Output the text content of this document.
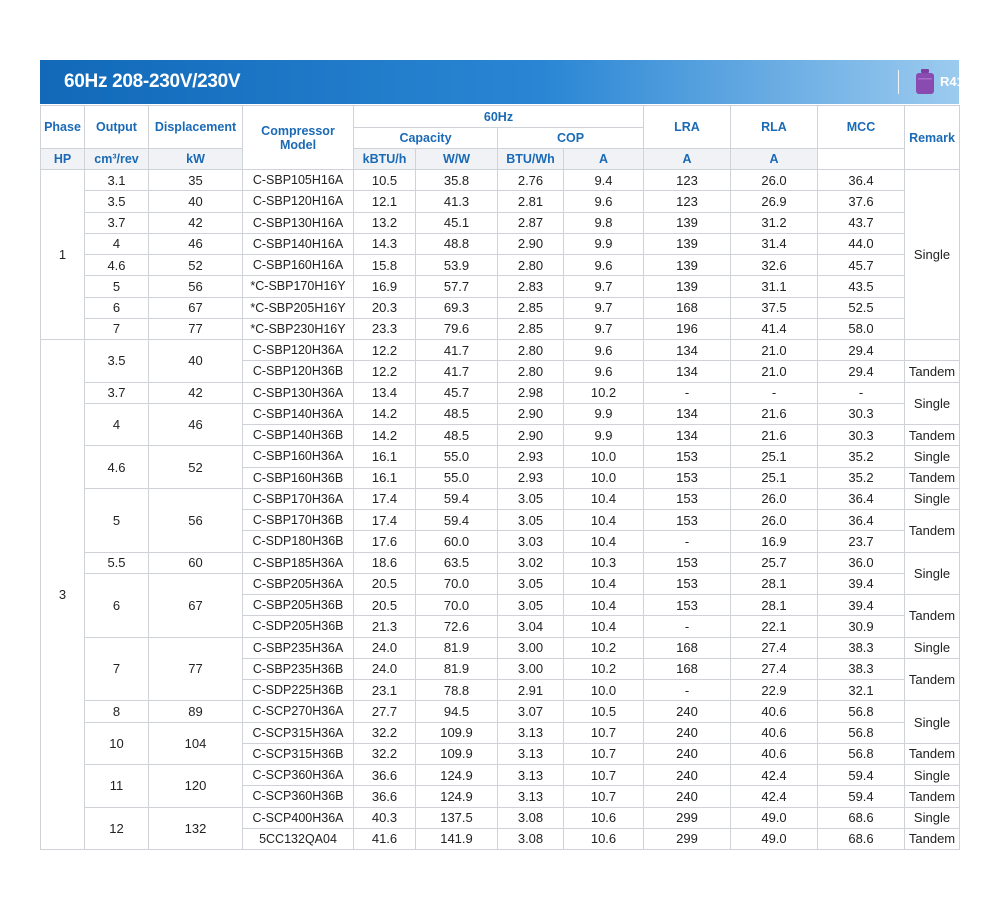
60Hz 208-230V/230V	R410A
Phase	Output	Displacement	Compressor Model	60Hz				LRA	RLA	MCC	Remark
				Capacity		COP					
HP	cm³/rev	kW		kBTU/h	W/W	BTU/Wh	A	A	A		
1	3.1	35	C-SBP105H16A	10.5	35.8	2.76	9.4	123	26.0	36.4	Single
	3.5	40	C-SBP120H16A	12.1	41.3	2.81	9.6	123	26.9	37.6	
	3.7	42	C-SBP130H16A	13.2	45.1	2.87	9.8	139	31.2	43.7	
	4	46	C-SBP140H16A	14.3	48.8	2.90	9.9	139	31.4	44.0	
	4.6	52	C-SBP160H16A	15.8	53.9	2.80	9.6	139	32.6	45.7	
	5	56	*C-SBP170H16Y	16.9	57.7	2.83	9.7	139	31.1	43.5	
	6	67	*C-SBP205H16Y	20.3	69.3	2.85	9.7	168	37.5	52.5	
	7	77	*C-SBP230H16Y	23.3	79.6	2.85	9.7	196	41.4	58.0	
3	3.5	40	C-SBP120H36A	12.2	41.7	2.80	9.6	134	21.0	29.4	
			C-SBP120H36B	12.2	41.7	2.80	9.6	134	21.0	29.4	Tandem
	3.7	42	C-SBP130H36A	13.4	45.7	2.98	10.2	-	-	-	Single
	4	46	C-SBP140H36A	14.2	48.5	2.90	9.9	134	21.6	30.3	
			C-SBP140H36B	14.2	48.5	2.90	9.9	134	21.6	30.3	Tandem
	4.6	52	C-SBP160H36A	16.1	55.0	2.93	10.0	153	25.1	35.2	Single
			C-SBP160H36B	16.1	55.0	2.93	10.0	153	25.1	35.2	Tandem
	5	56	C-SBP170H36A	17.4	59.4	3.05	10.4	153	26.0	36.4	Single
			C-SBP170H36B	17.4	59.4	3.05	10.4	153	26.0	36.4	Tandem
			C-SDP180H36B	17.6	60.0	3.03	10.4	-	16.9	23.7	
	5.5	60	C-SBP185H36A	18.6	63.5	3.02	10.3	153	25.7	36.0	Single
	6	67	C-SBP205H36A	20.5	70.0	3.05	10.4	153	28.1	39.4	
			C-SBP205H36B	20.5	70.0	3.05	10.4	153	28.1	39.4	Tandem
			C-SDP205H36B	21.3	72.6	3.04	10.4	-	22.1	30.9	
	7	77	C-SBP235H36A	24.0	81.9	3.00	10.2	168	27.4	38.3	Single
			C-SBP235H36B	24.0	81.9	3.00	10.2	168	27.4	38.3	Tandem
			C-SDP225H36B	23.1	78.8	2.91	10.0	-	22.9	32.1	
	8	89	C-SCP270H36A	27.7	94.5	3.07	10.5	240	40.6	56.8	Single
	10	104	C-SCP315H36A	32.2	109.9	3.13	10.7	240	40.6	56.8	
			C-SCP315H36B	32.2	109.9	3.13	10.7	240	40.6	56.8	Tandem
	11	120	C-SCP360H36A	36.6	124.9	3.13	10.7	240	42.4	59.4	Single
			C-SCP360H36B	36.6	124.9	3.13	10.7	240	42.4	59.4	Tandem
	12	132	C-SCP400H36A	40.3	137.5	3.08	10.6	299	49.0	68.6	Single
			5CC132QA04	41.6	141.9	3.08	10.6	299	49.0	68.6	Tandem
